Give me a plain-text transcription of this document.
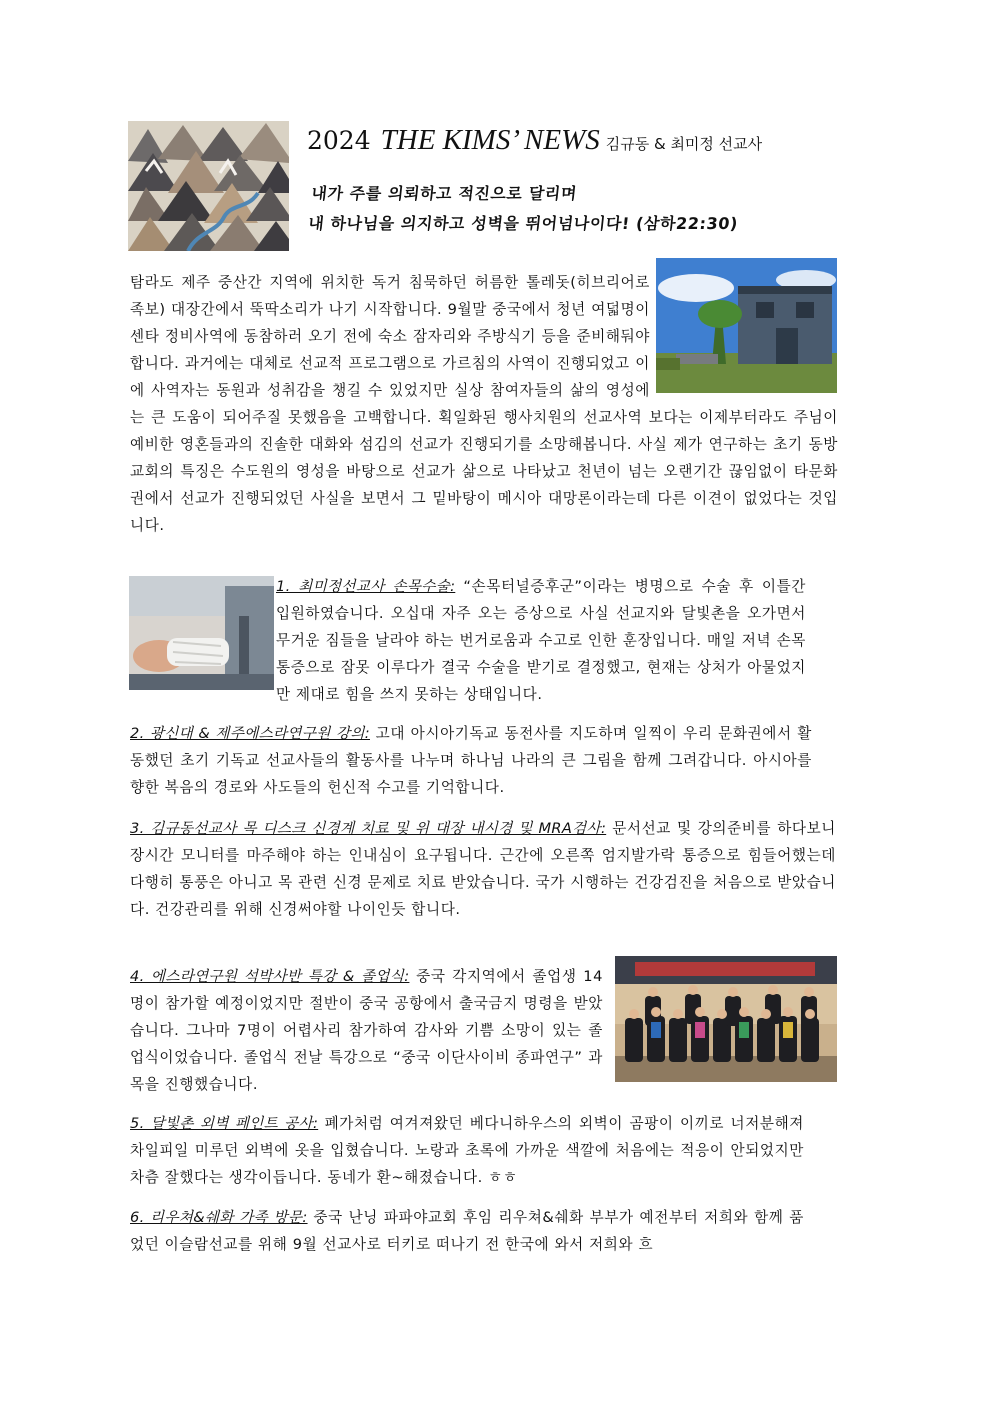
2024 THE KIMS’ NEWS 김규동 & 최미정 선교사
내가 주를 의뢰하고 적진으로 달리며
내 하나님을 의지하고 성벽을 뛰어넘나이다! (삼하22:30)

탐라도 제주 중산간 지역에 위치한 독거 침묵하던 허름한 톨레돗(히브리어로 족보) 대장간에서 뚝딱소리가 나기 시작합니다. 9월말 중국에서 청년 여덟명이 센타 정비사역에 동참하러 오기 전에 숙소 잠자리와 주방식기 등을 준비해둬야 합니다. 과거에는 대체로 선교적 프로그램으로 가르침의 사역이 진행되었고 이에 사역자는 동원과 성취감을 챙길 수 있었지만 실상 참여자들의 삶의 영성에는 큰 도움이 되어주질 못했음을 고백합니다. 획일화된 행사치원의 선교사역 보다는 이제부터라도 주님이 예비한 영혼들과의 진솔한 대화와 섬김의 선교가 진행되기를 소망해봅니다. 사실 제가 연구하는 초기 동방교회의 특징은 수도원의 영성을 바탕으로 선교가 삶으로 나타났고 천년이 넘는 오랜기간 끊임없이 타문화권에서 선교가 진행되었던 사실을 보면서 그 밑바탕이 메시아 대망론이라는데 다른 이견이 없었다는 것입니다.

1. 최미정선교사 손목수술: “손목터널증후군”이라는 병명으로 수술 후 이틀간 입원하였습니다. 오십대 자주 오는 증상으로 사실 선교지와 달빛촌을 오가면서 무거운 짐들을 날라야 하는 번거로움과 수고로 인한 훈장입니다. 매일 저녁 손목 통증으로 잠못 이루다가 결국 수술을 받기로 결정했고, 현재는 상처가 아물었지만 제대로 힘을 쓰지 못하는 상태입니다.

2. 광신대 & 제주에스라연구원 강의: 고대 아시아기독교 동전사를 지도하며 일찍이 우리 문화권에서 활동했던 초기 기독교 선교사들의 활동사를 나누며 하나님 나라의 큰 그림을 함께 그려갑니다. 아시아를 향한 복음의 경로와 사도들의 헌신적 수고를 기억합니다.

3. 김규동선교사 목 디스크 신경계 치료 및 위 대장 내시경 및 MRA검사: 문서선교 및 강의준비를 하다보니 장시간 모니터를 마주해야 하는 인내심이 요구됩니다. 근간에 오른쪽 엄지발가락 통증으로 힘들어했는데 다행히 통풍은 아니고 목 관련 신경 문제로 치료 받았습니다. 국가 시행하는 건강검진을 처음으로 받았습니다. 건강관리를 위해 신경써야할 나이인듯 합니다.

4. 에스라연구원 석박사반 특강 & 졸업식: 중국 각지역에서 졸업생 14명이 참가할 예정이었지만 절반이 중국 공항에서 출국금지 명령을 받았습니다. 그나마 7명이 어렵사리 참가하여 감사와 기쁨 소망이 있는 졸업식이었습니다. 졸업식 전날 특강으로 “중국 이단사이비 종파연구” 과목을 진행했습니다.

5. 달빛촌 외벽 페인트 공사: 폐가처럼 여겨져왔던 베다니하우스의 외벽이 곰팡이 이끼로 너저분해져 차일피일 미루던 외벽에 옷을 입혔습니다. 노랑과 초록에 가까운 색깔에 처음에는 적응이 안되었지만 차츰 잘했다는 생각이듭니다. 동네가 환~해졌습니다. ㅎㅎ

6. 리우쳐&쉐화 가족 방문: 중국 난닝 파파야교회 후임 리우쳐&쉐화 부부가 예전부터 저희와 함께 품었던 이슬람선교를 위해 9월 선교사로 터키로 떠나기 전 한국에 와서 저희와 흐
